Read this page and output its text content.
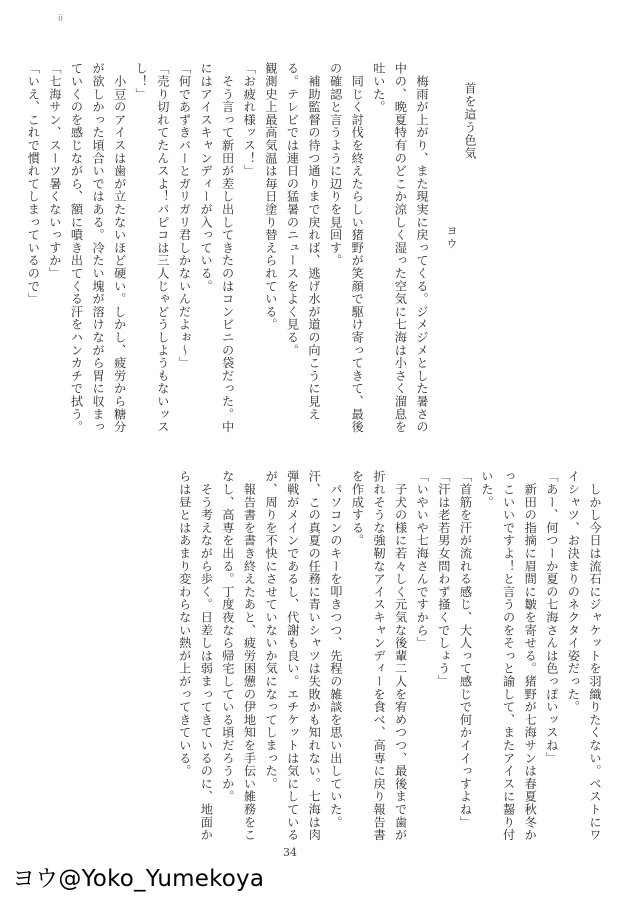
ii
首を這う色気
ヨウ

　梅雨が上がり、また現実に戻ってくる。ジメジメとした暑さの中の、晩夏特有のどこか涼しく湿った空気に七海は小さく溜息を吐いた。

　同じく討伐を終えたらしい猪野が笑顔で駆け寄ってきて、最後の確認と言うように辺りを見回す。

　補助監督の待つ通りまで戻れば、逃げ水が道の向こうに見える。テレビでは連日の猛暑のニュースをよく見る。

観測史上最高気温は毎日塗り替えられている。

「お疲れ様ッス！」

　そう言って新田が差し出してきたのはコンビニの袋だった。中にはアイスキャンディーが入っている。

「何であずきバーとガリガリ君しかないんだよぉ～」

「売り切れてたんスよ！パピコは三人じゃどうしようもないッスし！」

　小豆のアイスは歯が立たないほど硬い。しかし、疲労から糖分が欲しかった頃合いではある。冷たい塊が溶けながら胃に収まっていくのを感じながら、額に噴き出てくる汗をハンカチで拭う。

「七海サン、スーツ暑くないっすか」

「いえ、これで慣れてしまっているので」

　しかし今日は流石にジャケットを羽織りたくない。ベストにワイシャツ、お決まりのネクタイ姿だった。

「あー、何つーか夏の七海さんは色っぽいッスね」

　新田の指摘に眉間に皺を寄せる。猪野が七海サンは春夏秋冬かっこいいですよ！と言うのをそっと諭して、またアイスに齧り付いた。

「首筋を汗が流れる感じ、大人って感じで何かイイっすよね」

「汗は老若男女問わず掻くでしょう」

「いやいや七海さんですから」

　子犬の様に若々しく元気な後輩二人を宥めつつ、最後まで歯が折れそうな強靭なアイスキャンディーを食べ、高専に戻り報告書を作成する。

　パソコンのキーを叩きつつ、先程の雑談を思い出していた。汗、この真夏の任務に青いシャツは失敗かも知れない。七海は肉弾戦がメインであるし、代謝も良い。エチケットは気にしているが、周りを不快にさせていないか気になってしまった。

　報告書を書き終えたあと、疲労困憊の伊地知を手伝い雑務をこなし、高専を出る。丁度夜なら帰宅している頃だろうか。

　そう考えながら歩く。日差しは弱まってきているのに、地面からは昼とはあまり変わらない熱が上がってきている。

34
ヨウ@Yoko_Yumekoya
